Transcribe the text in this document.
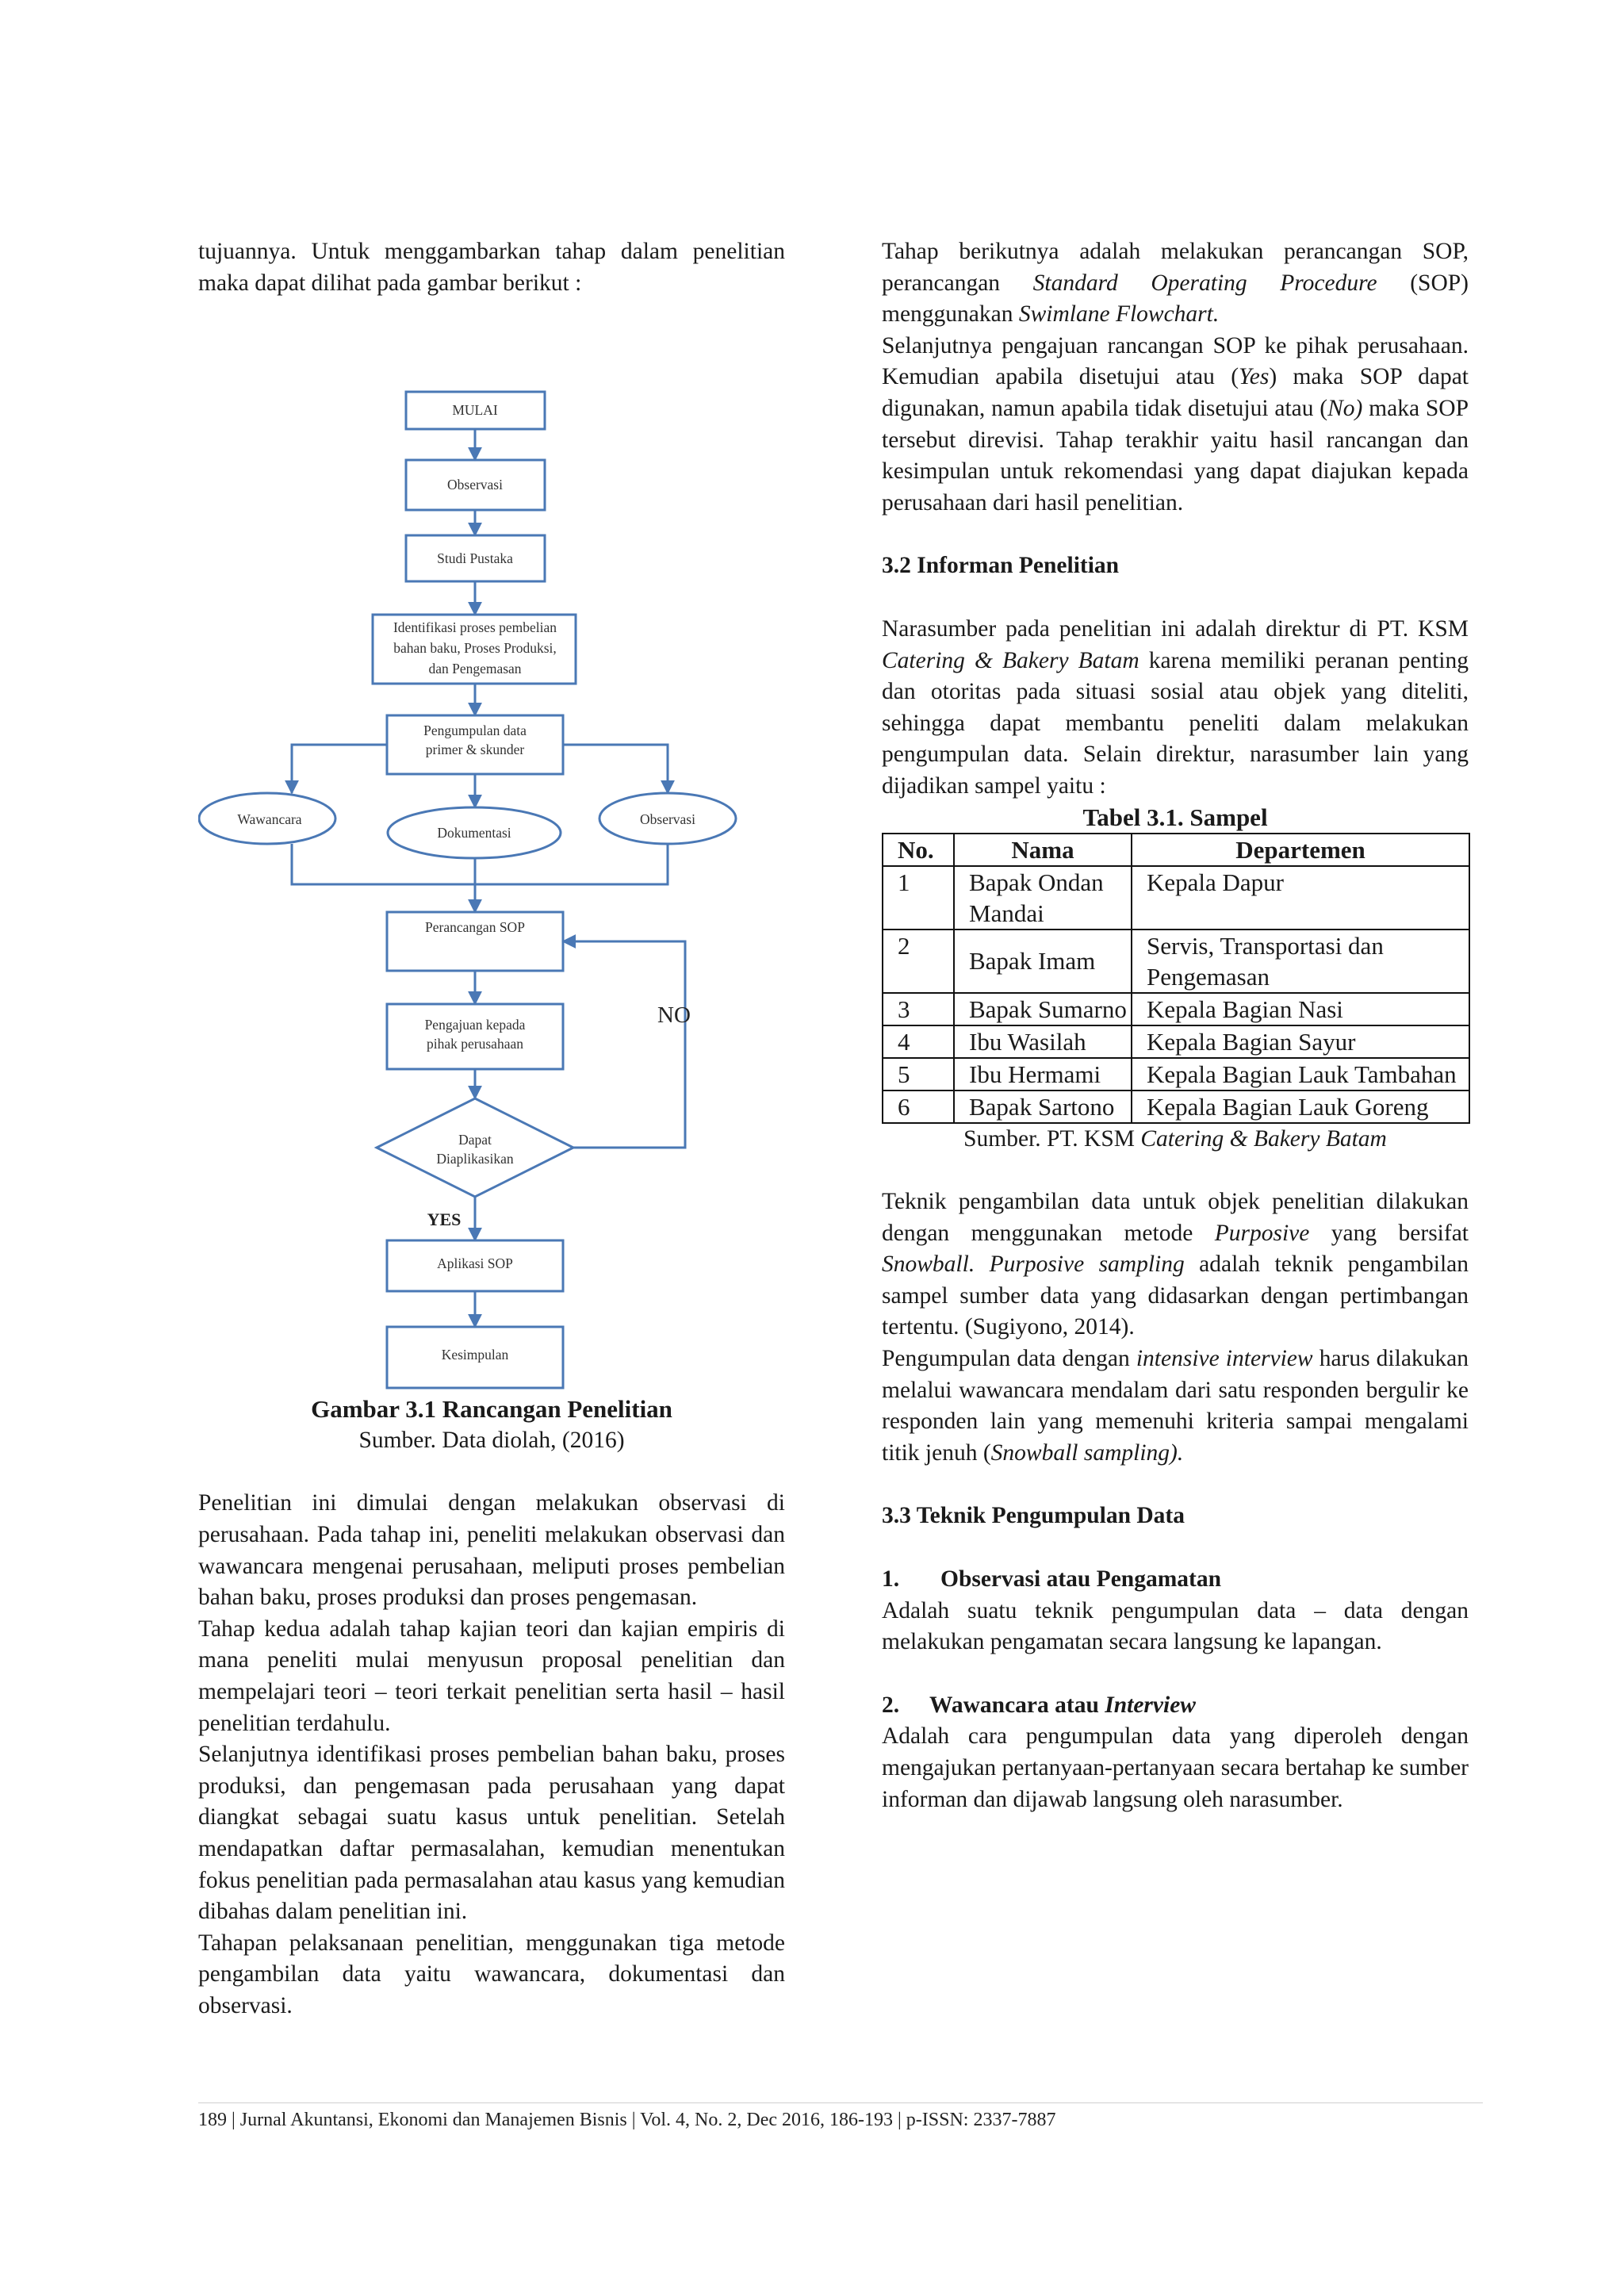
tujuannya. Untuk menggambarkan tahap dalam penelitian maka dapat dilihat pada gambar berikut :

MULAI
Observasi
Studi Pustaka
Identifikasi proses pembelian
bahan baku, Proses Produksi,
dan Pengemasan
Pengumpulan data
primer & skunder
Wawancara
Dokumentasi
Observasi
Perancangan SOP
Pengajuan kepada
pihak perusahaan
Dapat
Diaplikasikan
Aplikasi SOP
Kesimpulan
NO
YES

Gambar 3.1 Rancangan Penelitian

Sumber. Data diolah, (2016)

Penelitian ini dimulai dengan melakukan observasi di perusahaan. Pada tahap ini, peneliti melakukan observasi dan wawancara mengenai perusahaan, meliputi proses pembelian bahan baku, proses produksi dan proses pengemasan.

Tahap kedua adalah tahap kajian teori dan kajian empiris di mana peneliti mulai menyusun proposal penelitian dan mempelajari teori – teori terkait penelitian serta hasil – hasil penelitian terdahulu.

Selanjutnya identifikasi proses pembelian bahan baku, proses produksi, dan pengemasan pada perusahaan yang dapat diangkat sebagai suatu kasus untuk penelitian. Setelah mendapatkan daftar permasalahan, kemudian menentukan fokus penelitian pada permasalahan atau kasus yang kemudian dibahas dalam penelitian ini.

Tahapan pelaksanaan penelitian, menggunakan tiga metode pengambilan data yaitu wawancara, dokumentasi dan observasi.

Tahap berikutnya adalah melakukan perancangan SOP, perancangan Standard Operating Procedure (SOP) menggunakan Swimlane Flowchart.

Selanjutnya pengajuan rancangan SOP ke pihak perusahaan. Kemudian apabila disetujui atau (Yes) maka SOP dapat digunakan, namun apabila tidak disetujui atau (No) maka SOP tersebut direvisi. Tahap terakhir yaitu hasil rancangan dan kesimpulan untuk rekomendasi yang dapat diajukan kepada perusahaan dari hasil penelitian.

3.2 Informan Penelitian

Narasumber pada penelitian ini adalah direktur di PT. KSM Catering & Bakery Batam karena memiliki peranan penting dan otoritas pada situasi sosial atau objek yang diteliti, sehingga dapat membantu peneliti dalam melakukan pengumpulan data. Selain direktur, narasumber lain yang dijadikan sampel yaitu :

Tabel 3.1. Sampel

No.	Nama	Departemen
1	Bapak Ondan Mandai	Kepala Dapur
2	Bapak Imam	Servis, Transportasi dan Pengemasan
3	Bapak Sumarno	Kepala Bagian Nasi
4	Ibu Wasilah	Kepala Bagian Sayur
5	Ibu Hermami	Kepala Bagian Lauk Tambahan
6	Bapak Sartono	Kepala Bagian Lauk Goreng

Sumber. PT. KSM Catering & Bakery Batam

Teknik pengambilan data untuk objek penelitian dilakukan dengan menggunakan metode Purposive yang bersifat Snowball. Purposive sampling adalah teknik pengambilan sampel sumber data yang didasarkan dengan pertimbangan tertentu. (Sugiyono, 2014).

Pengumpulan data dengan intensive interview harus dilakukan melalui wawancara mendalam dari satu responden bergulir ke responden lain yang memenuhi kriteria sampai mengalami titik jenuh (Snowball sampling).

3.3 Teknik Pengumpulan Data

1. Observasi atau Pengamatan

Adalah suatu teknik pengumpulan data – data dengan melakukan pengamatan secara langsung ke lapangan.

2. Wawancara atau Interview

Adalah cara pengumpulan data yang diperoleh dengan mengajukan pertanyaan-pertanyaan secara bertahap ke sumber informan dan dijawab langsung oleh narasumber.

189 | Jurnal Akuntansi, Ekonomi dan Manajemen Bisnis | Vol. 4, No. 2, Dec 2016, 186-193 | p-ISSN: 2337-7887
